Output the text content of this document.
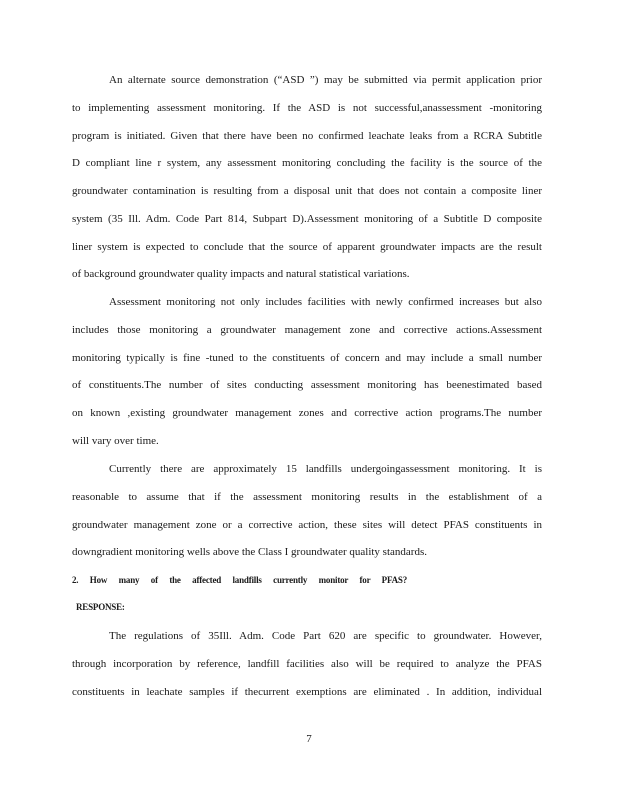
An alternate source demonstration (“ASD ”) may be submitted via permit application prior
to implementing assessment monitoring. If the ASD is not successful,anassessment -monitoring
program is initiated. Given that there have been no confirmed leachate leaks from a RCRA Subtitle
D compliant line r system, any assessment monitoring concluding the facility is the source of the
groundwater contamination is resulting from a disposal unit that does not contain a composite liner
system (35 Ill. Adm. Code Part 814, Subpart D).Assessment monitoring of a Subtitle D composite
liner system is expected to conclude that the source of apparent groundwater impacts are the result
of background groundwater quality impacts and natural statistical variations.
Assessment monitoring not only includes facilities with newly confirmed increases but also
includes those monitoring a groundwater management zone and corrective actions.Assessment
monitoring typically is fine -tuned to the constituents of concern and may include a small number
of constituents.The number of sites conducting assessment monitoring has beenestimated based
on known ,existing groundwater management zones and corrective action programs.The number
will vary over time.
Currently there are approximately 15 landfills undergoingassessment monitoring. It is
reasonable to assume that if the assessment monitoring results in the establishment of a
groundwater management zone or a corrective action, these sites will detect PFAS constituents in
downgradient monitoring wells above the Class I groundwater quality standards.
2. How many of the affected landfills currently monitor for PFAS?
RESPONSE:
The regulations of 35Ill. Adm. Code Part 620 are specific to groundwater. However,
through incorporation by reference, landfill facilities also will be required to analyze the PFAS
constituents in leachate samples if thecurrent exemptions are eliminated . In addition, individual
7
